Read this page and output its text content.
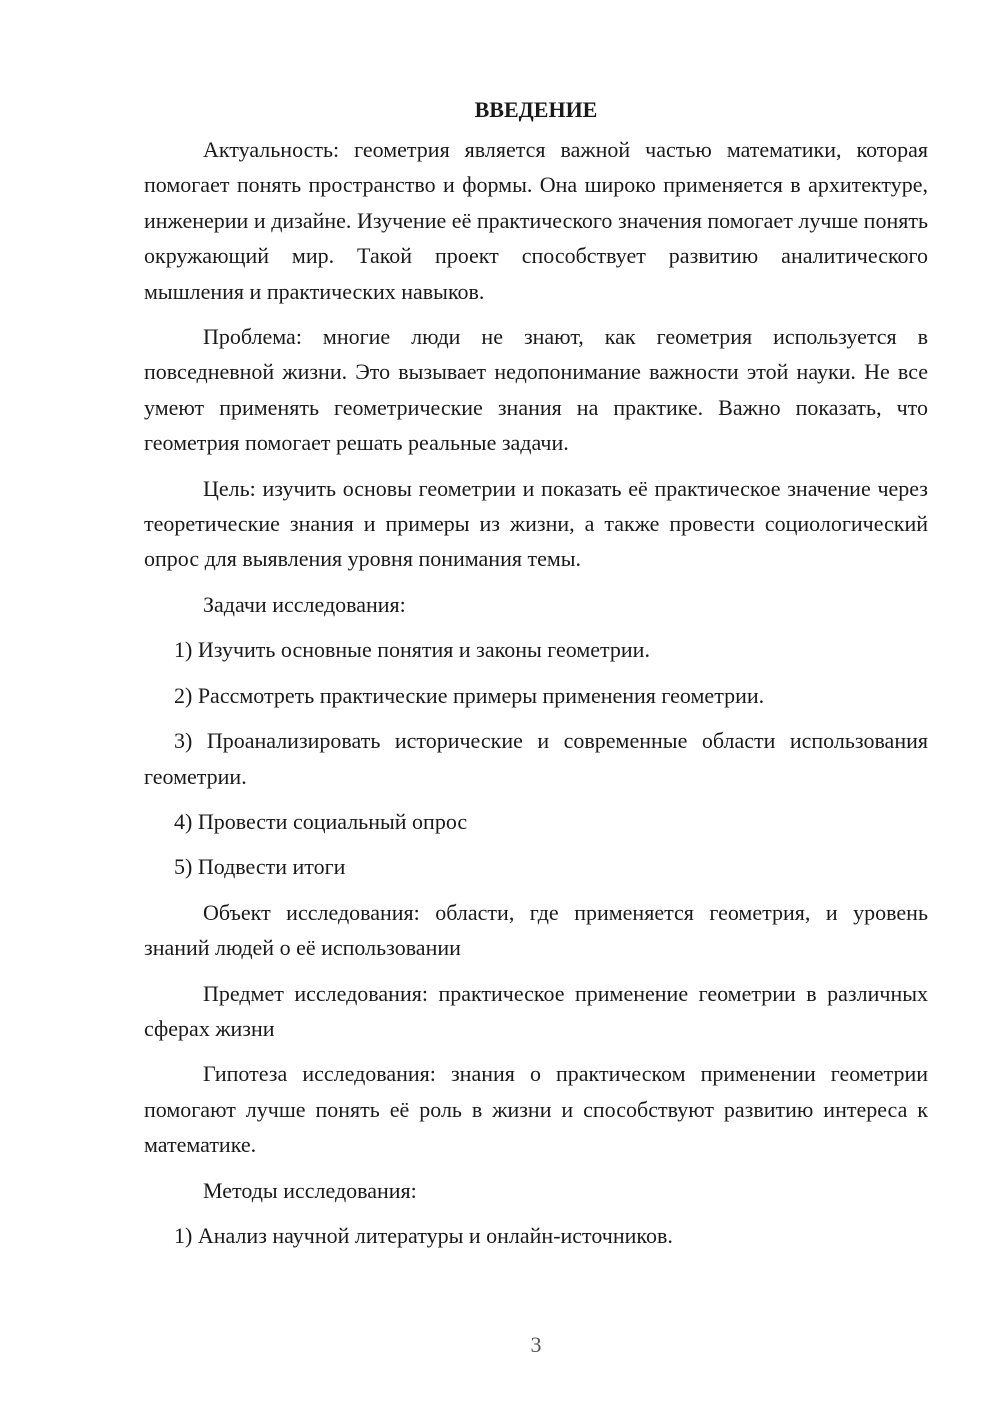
ВВЕДЕНИЕ
Актуальность: геометрия является важной частью математики, которая помогает понять пространство и формы. Она широко применяется в архитектуре, инженерии и дизайне. Изучение её практического значения помогает лучше понять окружающий мир. Такой проект способствует развитию аналитического мышления и практических навыков.
Проблема: многие люди не знают, как геометрия используется в повседневной жизни. Это вызывает недопонимание важности этой науки. Не все умеют применять геометрические знания на практике. Важно показать, что геометрия помогает решать реальные задачи.
Цель: изучить основы геометрии и показать её практическое значение через теоретические знания и примеры из жизни, а также провести социологический опрос для выявления уровня понимания темы.
Задачи исследования:
1) Изучить основные понятия и законы геометрии.
2) Рассмотреть практические примеры применения геометрии.
3) Проанализировать исторические и современные области использования геометрии.
4) Провести социальный опрос
5) Подвести итоги
Объект исследования: области, где применяется геометрия, и уровень знаний людей о её использовании
Предмет исследования: практическое применение геометрии в различных сферах жизни
Гипотеза исследования: знания о практическом применении геометрии помогают лучше понять её роль в жизни и способствуют развитию интереса к математике.
Методы исследования:
1) Анализ научной литературы и онлайн-источников.
3
